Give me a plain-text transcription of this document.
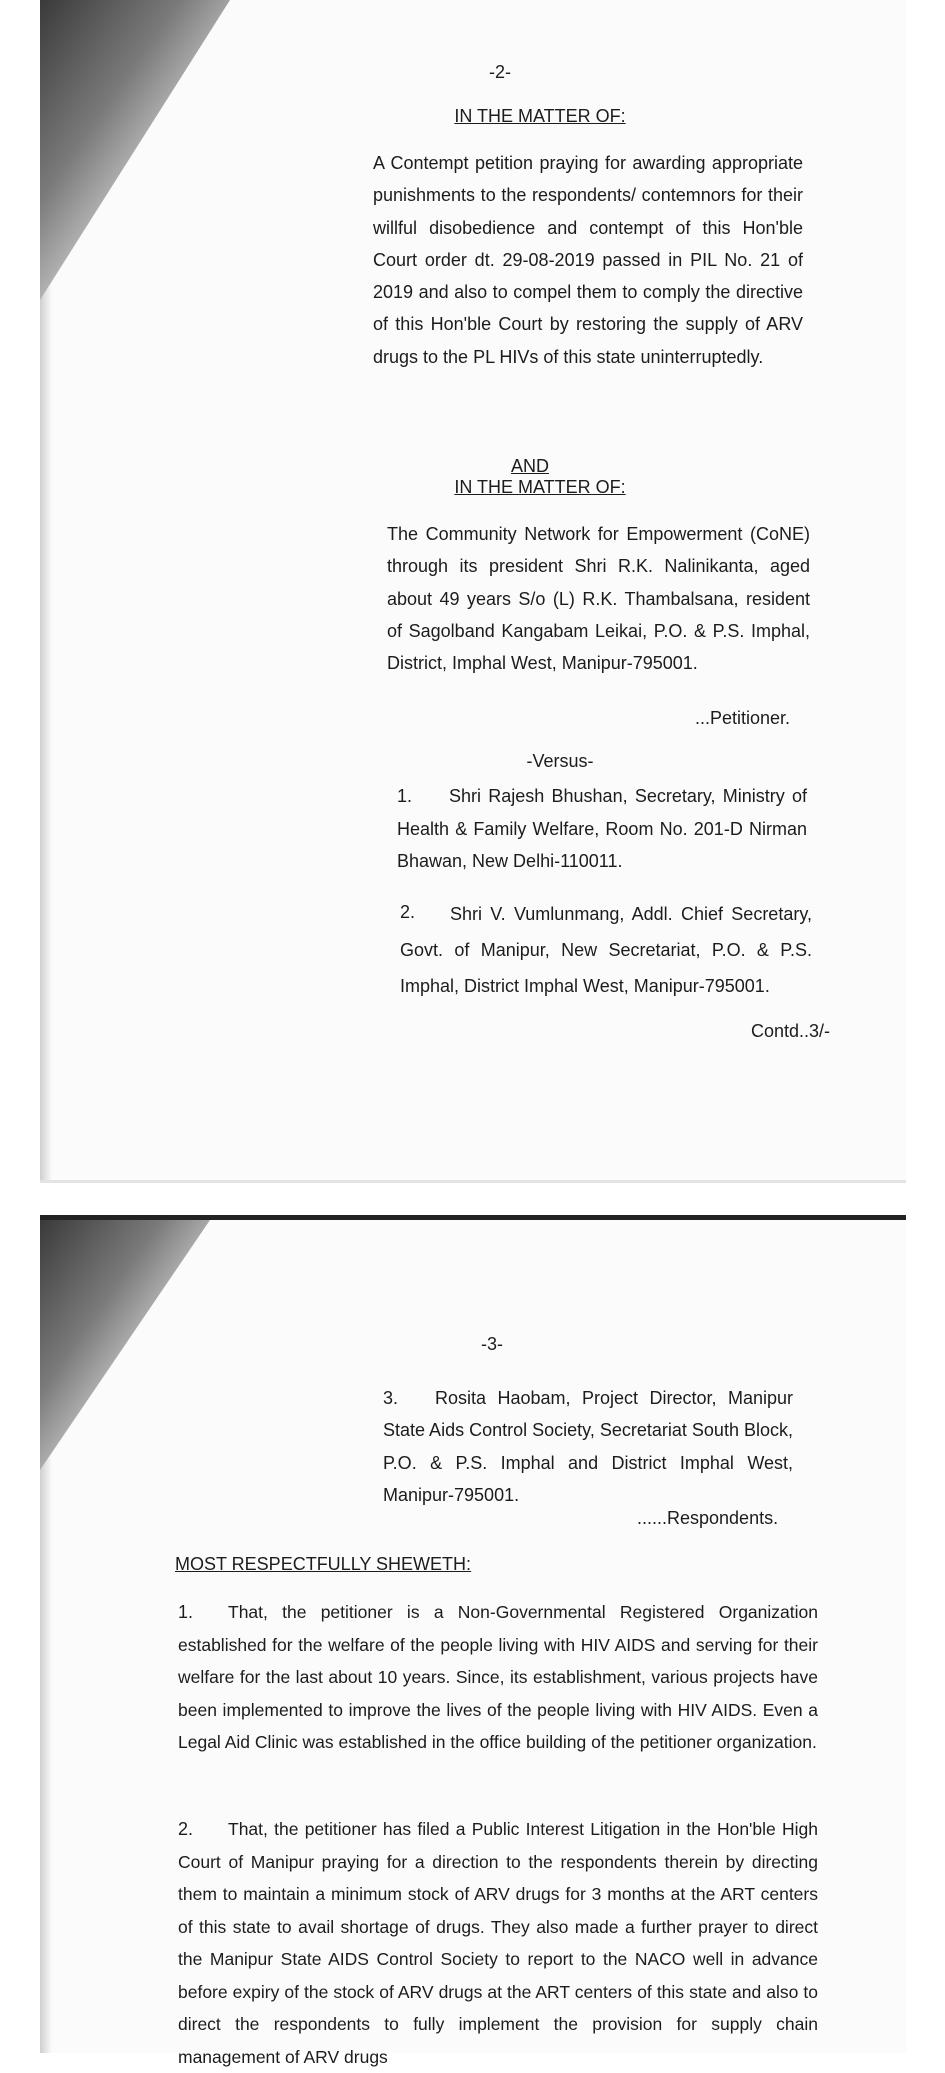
-2-
IN THE MATTER OF:
A Contempt petition praying for awarding appropriate punishments to the respondents/ contemnors for their willful disobedience and contempt of this Hon'ble Court order dt. 29-08-2019 passed in PIL No. 21 of 2019 and also to compel them to comply the directive of this Hon'ble Court by restoring the supply of ARV drugs to the PL HIVs of this state uninterruptedly.
AND
IN THE MATTER OF:
The Community Network for Empowerment (CoNE) through its president Shri R.K. Nalinikanta, aged about 49 years S/o (L) R.K. Thambalsana, resident of Sagolband Kangabam Leikai, P.O. & P.S. Imphal, District, Imphal West, Manipur-795001.
...Petitioner.
-Versus-
1.	Shri Rajesh Bhushan, Secretary, Ministry of Health & Family Welfare, Room No. 201-D Nirman Bhawan, New Delhi-110011.
2.	Shri V. Vumlunmang, Addl. Chief Secretary, Govt. of Manipur, New Secretariat, P.O. & P.S. Imphal, District Imphal West, Manipur-795001.
Contd..3/-
-3-
3.	Rosita Haobam, Project Director, Manipur State Aids Control Society, Secretariat South Block, P.O. & P.S. Imphal and District Imphal West, Manipur-795001.
......Respondents.
MOST RESPECTFULLY SHEWETH:
1.	That, the petitioner is a Non-Governmental Registered Organization established for the welfare of the people living with HIV AIDS and serving for their welfare for the last about 10 years. Since, its establishment, various projects have been implemented to improve the lives of the people living with HIV AIDS. Even a Legal Aid Clinic was established in the office building of the petitioner organization.
2.	That, the petitioner has filed a Public Interest Litigation in the Hon'ble High Court of Manipur praying for a direction to the respondents therein by directing them to maintain a minimum stock of ARV drugs for 3 months at the ART centers of this state to avail shortage of drugs. They also made a further prayer to direct the Manipur State AIDS Control Society to report to the NACO well in advance before expiry of the stock of ARV drugs at the ART centers of this state and also to direct the respondents to fully implement the provision for supply chain management of ARV drugs
